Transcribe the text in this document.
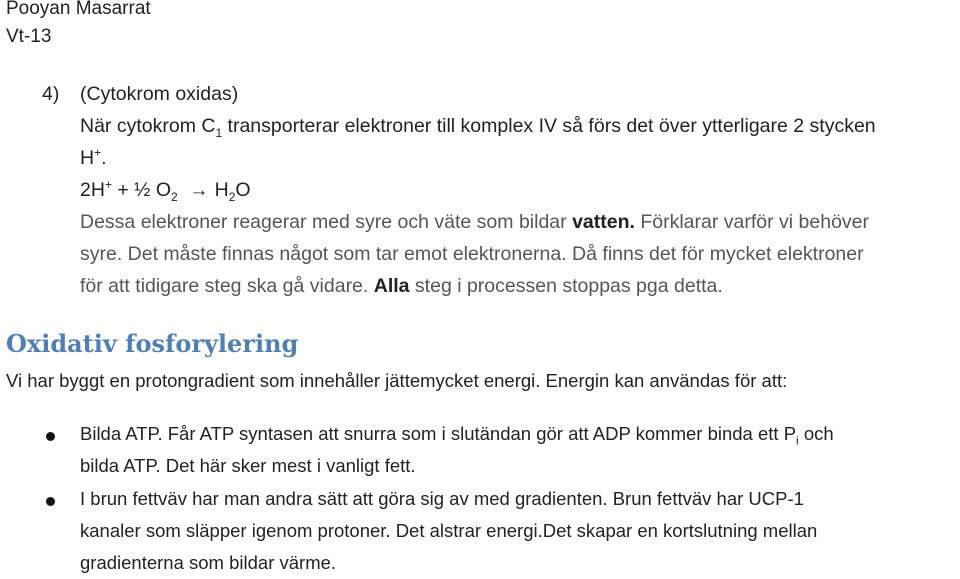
Pooyan Masarrat
Vt-13
4) (Cytokrom oxidas)
När cytokrom $C_1$ transporterar elektroner till komplex IV så förs det över ytterligare 2 stycken
H+.
2H+ + ½ $O_2 \to H_2O$
Dessa elektroner reagerar med syre och väte som bildar vatten. Förklarar varför vi behöver
syre. Det måste finnas något som tar emot elektronerna. Då finns det för mycket elektroner
för att tidigare steg ska gå vidare. Alla steg i processen stoppas pga detta.
Oxidativ fosforylering
Vi har byggt en protongradient som innehåller jättemycket energi. Energin kan användas för att:
Bilda ATP. Får ATP syntasen att snurra som i slutändan gör att ADP kommer binda ett $P_i$ och
bilda ATP. Det här sker mest i vanligt fett.
I brun fettväv har man andra sätt att göra sig av med gradienten. Brun fettväv har UCP-1
kanaler som släpper igenom protoner. Det alstrar energi.Det skapar en kortslutning mellan
gradienterna som bildar värme.
